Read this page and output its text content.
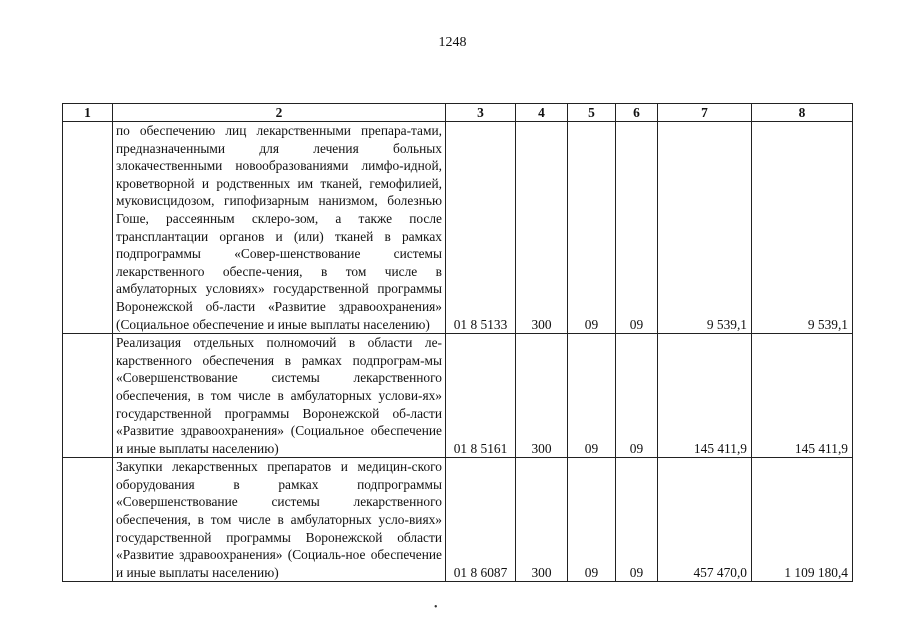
1248
1	2	3	4	5	6	7	8

	по обеспечению лиц лекарственными препара-тами, предназначенными для лечения больных злокачественными новообразованиями лимфо-идной, кроветворной и родственных им тканей, гемофилией, муковисцидозом, гипофизарным нанизмом, болезнью Гоше, рассеянным склеро-зом, а также после трансплантации органов и (или) тканей в рамках подпрограммы «Совер-шенствование системы лекарственного обеспе-чения, в том числе в амбулаторных условиях» государственной программы Воронежской об-ласти «Развитие здравоохранения» (Социальное обеспечение и иные выплаты населению)	01 8 5133	300	09	09	9 539,1	9 539,1

	Реализация отдельных полномочий в области ле-карственного обеспечения в рамках подпрограм-мы «Совершенствование системы лекарственного обеспечения, в том числе в амбулаторных услови-ях» государственной программы Воронежской об-ласти «Развитие здравоохранения» (Социальное обеспечение и иные выплаты населению)	01 8 5161	300	09	09	145 411,9	145 411,9

	Закупки лекарственных препаратов и медицин-ского оборудования в рамках подпрограммы «Совершенствование системы лекарственного обеспечения, в том числе в амбулаторных усло-виях» государственной программы Воронежской области «Развитие здравоохранения» (Социаль-ное обеспечение и иные выплаты населению)	01 8 6087	300	09	09	457 470,0	1 109 180,4
•
